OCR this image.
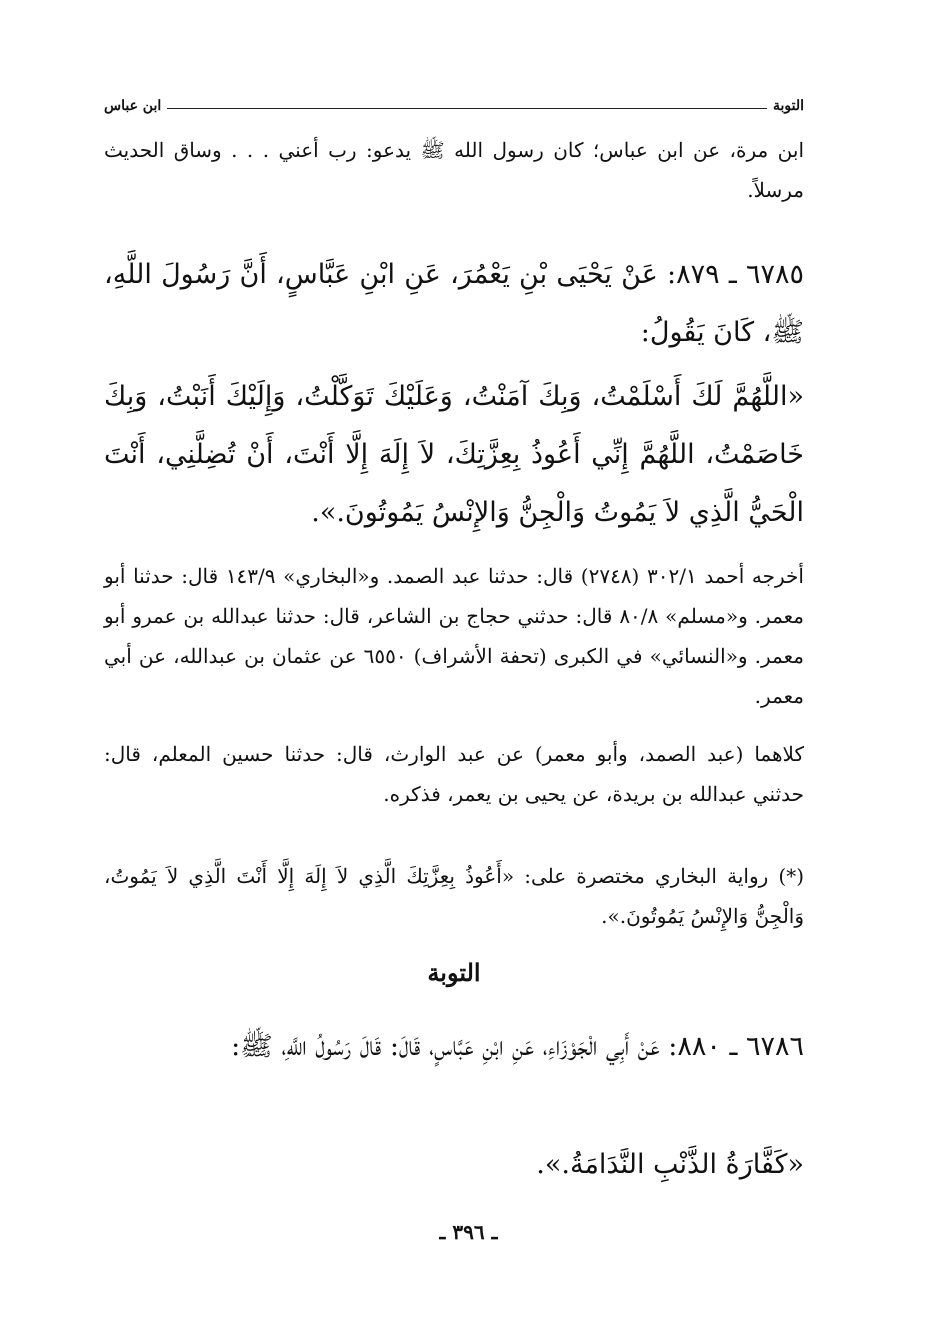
التوبة
ابن عباس

ابن مرة، عن ابن عباس؛ كان رسول الله ﷺ يدعو: رب أعني . . . وساق الحديث مرسلاً.

٦٧٨٥ ـ ٨٧٩: عَنْ يَحْيَى بْنِ يَعْمُرَ، عَنِ ابْنِ عَبَّاسٍ، أَنَّ رَسُولَ اللَّهِ، ﷺ، كَانَ يَقُولُ:

«اللَّهُمَّ لَكَ أَسْلَمْتُ، وَبِكَ آمَنْتُ، وَعَلَيْكَ تَوَكَّلْتُ، وَإِلَيْكَ أَنَبْتُ، وَبِكَ خَاصَمْتُ، اللَّهُمَّ إِنِّي أَعُوذُ بِعِزَّتِكَ، لاَ إِلَهَ إِلَّا أَنْتَ، أَنْ تُضِلَّنِي، أَنْتَ الْحَيُّ الَّذِي لاَ يَمُوتُ وَالْجِنُّ وَالإِنْسُ يَمُوتُونَ.».

أخرجه أحمد ٣٠٢/١ (٢٧٤٨) قال: حدثنا عبد الصمد. و«البخاري» ١٤٣/٩ قال: حدثنا أبو معمر. و«مسلم» ٨٠/٨ قال: حدثني حجاج بن الشاعر، قال: حدثنا عبدالله بن عمرو أبو معمر. و«النسائي» في الكبرى (تحفة الأشراف) ٦٥٥٠ عن عثمان بن عبدالله، عن أبي معمر.

كلاهما (عبد الصمد، وأبو معمر) عن عبد الوارث، قال: حدثنا حسين المعلم، قال: حدثني عبدالله بن بريدة، عن يحيى بن يعمر، فذكره.

(*) رواية البخاري مختصرة على: «أَعُوذُ بِعِزَّتِكَ الَّذِي لاَ إِلَهَ إِلَّا أَنْتَ الَّذِي لاَ يَمُوتُ، وَالْجِنُّ وَالإِنْسُ يَمُوتُونَ.».

التوبة

٦٧٨٦ ـ ٨٨٠: عَنْ أَبِي الْجَوْزَاءِ، عَنِ ابْنِ عَبَّاسٍ، قَالَ: قَالَ رَسُولُ اللَّهِ، ﷺ:

«كَفَّارَةُ الذَّنْبِ النَّدَامَةُ.».

ـ ٣٩٦ ـ
